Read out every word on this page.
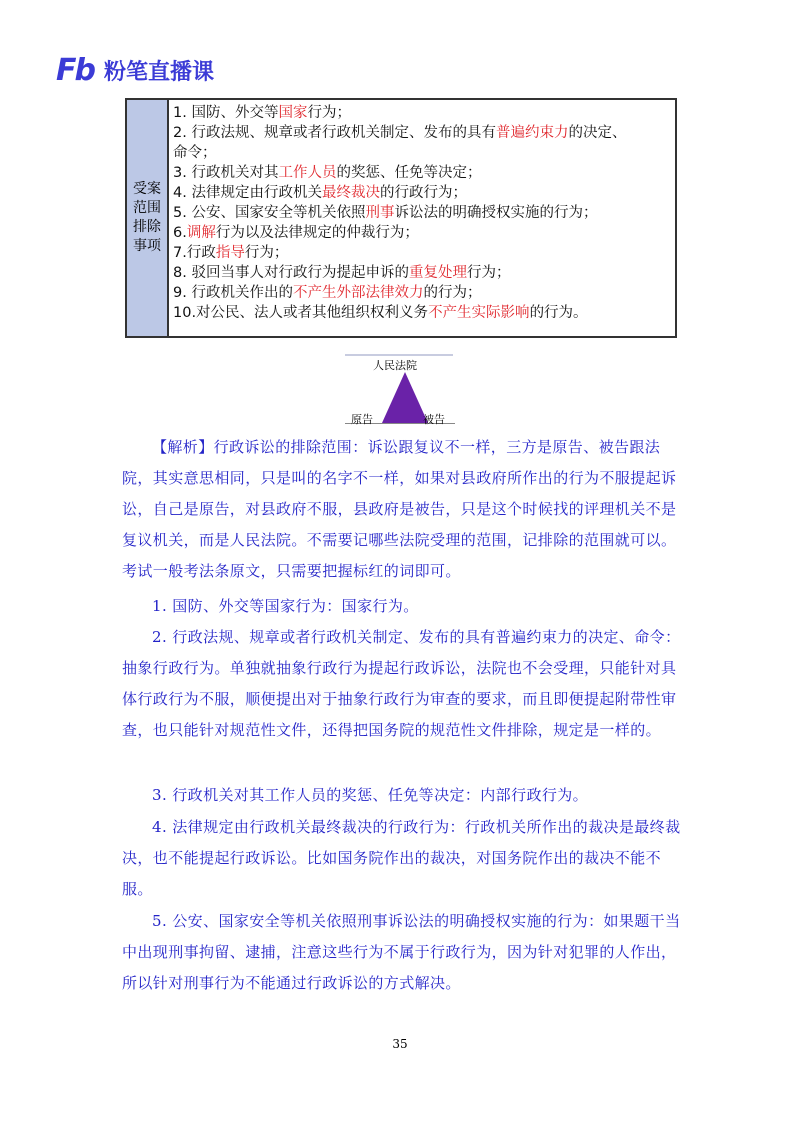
Fb 粉笔直播课
受案范围排除事项
1. 国防、外交等国家行为；
2. 行政法规、规章或者行政机关制定、发布的具有普遍约束力的决定、
命令；
3. 行政机关对其工作人员的奖惩、任免等决定；
4. 法律规定由行政机关最终裁决的行政行为；
5. 公安、国家安全等机关依照刑事诉讼法的明确授权实施的行为；
6.调解行为以及法律规定的仲裁行为；
7.行政指导行为；
8. 驳回当事人对行政行为提起申诉的重复处理行为；
9. 行政机关作出的不产生外部法律效力的行为；
10.对公民、法人或者其他组织权利义务不产生实际影响的行为。
人民法院
原告	被告
【解析】行政诉讼的排除范围：诉讼跟复议不一样，三方是原告、被告跟法院，其实意思相同，只是叫的名字不一样，如果对县政府所作出的行为不服提起诉讼，自己是原告，对县政府不服，县政府是被告，只是这个时候找的评理机关不是复议机关，而是人民法院。不需要记哪些法院受理的范围，记排除的范围就可以。考试一般考法条原文，只需要把握标红的词即可。
1. 国防、外交等国家行为：国家行为。
2. 行政法规、规章或者行政机关制定、发布的具有普遍约束力的决定、命令：抽象行政行为。单独就抽象行政行为提起行政诉讼，法院也不会受理，只能针对具体行政行为不服，顺便提出对于抽象行政行为审查的要求，而且即便提起附带性审查，也只能针对规范性文件，还得把国务院的规范性文件排除，规定是一样的。
3. 行政机关对其工作人员的奖惩、任免等决定：内部行政行为。
4. 法律规定由行政机关最终裁决的行政行为：行政机关所作出的裁决是最终裁决，也不能提起行政诉讼。比如国务院作出的裁决，对国务院作出的裁决不能不服。
5. 公安、国家安全等机关依照刑事诉讼法的明确授权实施的行为：如果题干当中出现刑事拘留、逮捕，注意这些行为不属于行政行为，因为针对犯罪的人作出，所以针对刑事行为不能通过行政诉讼的方式解决。
35
